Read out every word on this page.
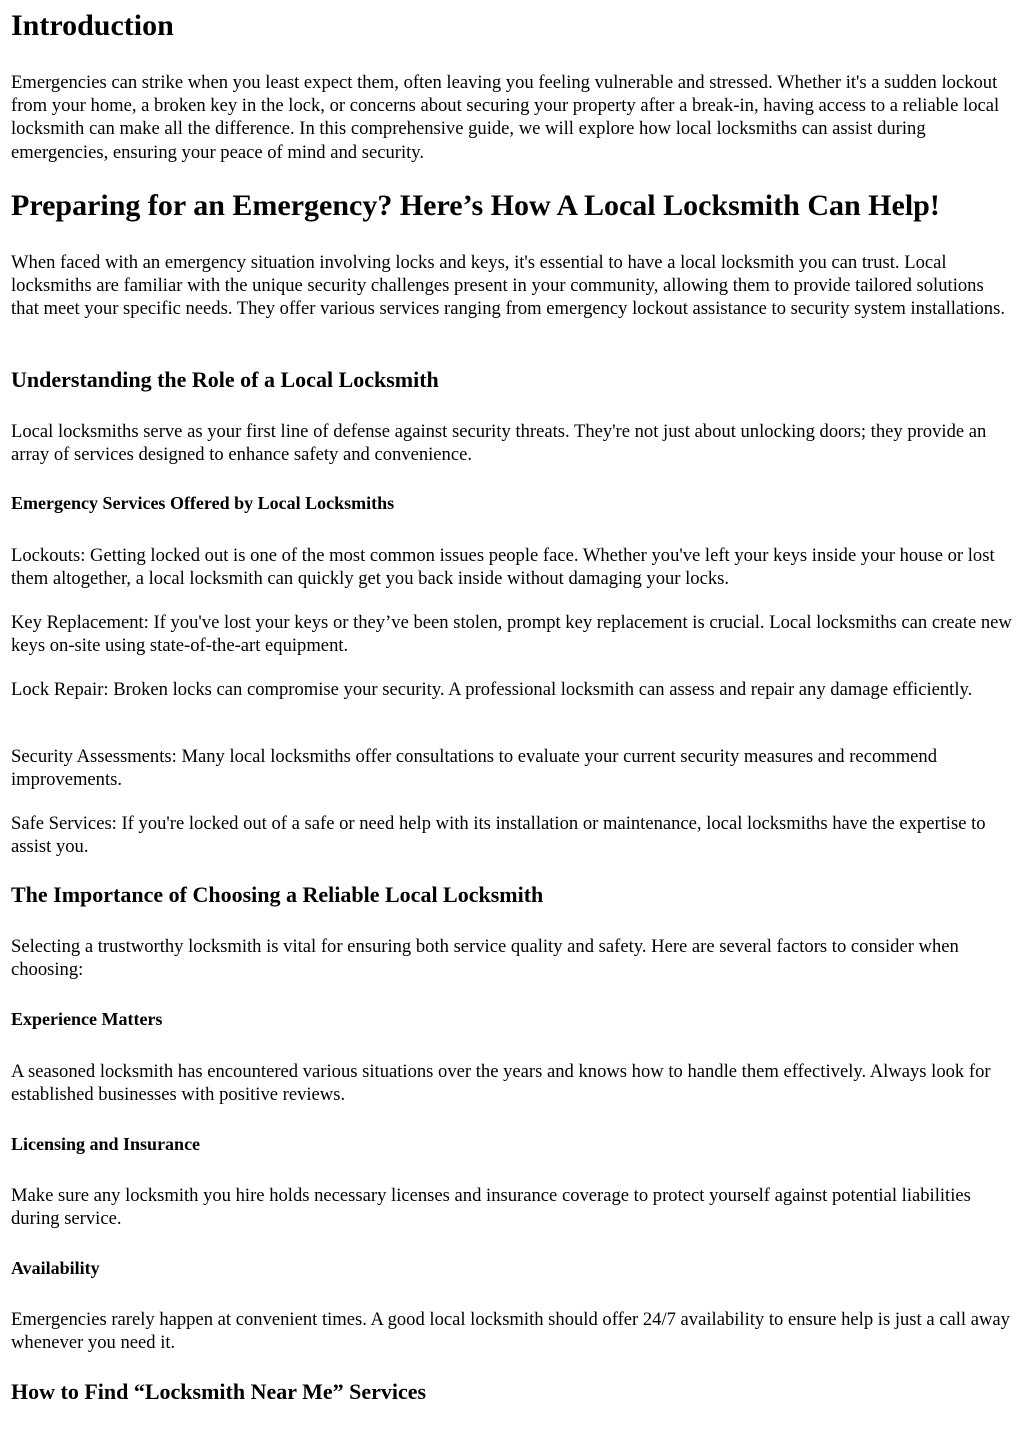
Introduction

Emergencies can strike when you least expect them, often leaving you feeling vulnerable and stressed. Whether it's a sudden lockout from your home, a broken key in the lock, or concerns about securing your property after a break-in, having access to a reliable local locksmith can make all the difference. In this comprehensive guide, we will explore how local locksmiths can assist during emergencies, ensuring your peace of mind and security.

Preparing for an Emergency? Here’s How A Local Locksmith Can Help!

When faced with an emergency situation involving locks and keys, it's essential to have a local locksmith you can trust. Local locksmiths are familiar with the unique security challenges present in your community, allowing them to provide tailored solutions that meet your specific needs. They offer various services ranging from emergency lockout assistance to security system installations.

Understanding the Role of a Local Locksmith

Local locksmiths serve as your first line of defense against security threats. They're not just about unlocking doors; they provide an array of services designed to enhance safety and convenience.

Emergency Services Offered by Local Locksmiths

Lockouts: Getting locked out is one of the most common issues people face. Whether you've left your keys inside your house or lost them altogether, a local locksmith can quickly get you back inside without damaging your locks.

Key Replacement: If you've lost your keys or they’ve been stolen, prompt key replacement is crucial. Local locksmiths can create new keys on-site using state-of-the-art equipment.

Lock Repair: Broken locks can compromise your security. A professional locksmith can assess and repair any damage efficiently.

Security Assessments: Many local locksmiths offer consultations to evaluate your current security measures and recommend improvements.

Safe Services: If you're locked out of a safe or need help with its installation or maintenance, local locksmiths have the expertise to assist you.

The Importance of Choosing a Reliable Local Locksmith

Selecting a trustworthy locksmith is vital for ensuring both service quality and safety. Here are several factors to consider when choosing:

Experience Matters

A seasoned locksmith has encountered various situations over the years and knows how to handle them effectively. Always look for established businesses with positive reviews.

Licensing and Insurance

Make sure any locksmith you hire holds necessary licenses and insurance coverage to protect yourself against potential liabilities during service.

Availability

Emergencies rarely happen at convenient times. A good local locksmith should offer 24/7 availability to ensure help is just a call away whenever you need it.

How to Find “Locksmith Near Me” Services
